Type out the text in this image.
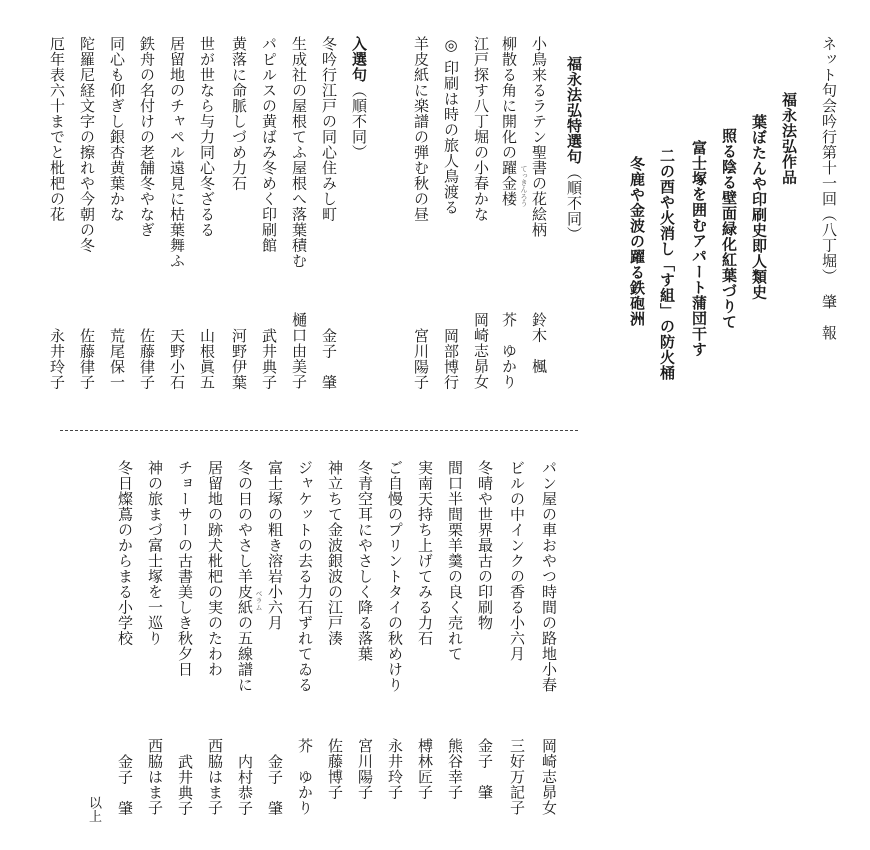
ネット句会吟行第十一回（八丁堀）
肇　報
福永法弘作品
葉ぼたんや印刷史即人類史
照る陰る壁面緑化紅葉づりて
富士塚を囲むアパート蒲団干す
二の酉や火消し「す組」の防火桶
冬鹿や金波の躍る鉄砲洲
福永法弘特選句（順不同）
小鳥来るラテン聖書の花絵柄
鈴木　楓
柳散る角に開化の躍金楼 てっきんろう
芥　ゆかり
江戸探す八丁堀の小春かな
岡崎志昴女
◎ 印刷は時の旅人鳥渡る
岡部博行
羊皮紙に楽譜の弾む秋の昼
宮川陽子
入選句（順不同）
冬吟行江戸の同心住みし町
金子　肇
生成社の屋根てふ屋根へ落葉積む
樋口由美子
パピルスの黄ばみ冬めく印刷館
武井典子
黄落に命脈しづめ力石
河野伊葉
世が世なら与力同心冬ざるる
山根眞五
居留地のチャペル遠見に枯葉舞ふ
天野小石
鉄舟の名付けの老舗冬やなぎ
佐藤律子
同心も仰ぎし銀杏黄葉かな
荒尾保一
陀羅尼経文字の擦れや今朝の冬
佐藤律子
厄年表六十までと枇杷の花
永井玲子
パン屋の車おやつ時間の路地小春
岡崎志昴女
ビルの中インクの香る小六月
三好万記子
冬晴や世界最古の印刷物
金子　肇
間口半間栗羊羹の良く売れて
熊谷幸子
実南天持ち上げてみる力石
榑林匠子
ご自慢のプリントタイの秋めけり
永井玲子
冬青空耳にやさしく降る落葉
宮川陽子
神立ちて金波銀波の江戸湊
佐藤博子
ジャケットの去る力石ずれてゐる
芥　ゆかり
富士塚の粗き溶岩小六月
金子　肇
冬の日のやさし羊皮紙の五線譜に べラム
内村恭子
居留地の跡犬枇杷の実のたわわ
西脇はま子
チョーサーの古書美しき秋夕日
武井典子
神の旅まづ富士塚を一巡り
西脇はま子
冬日燦蔦のからまる小学校
金子　肇
以上
